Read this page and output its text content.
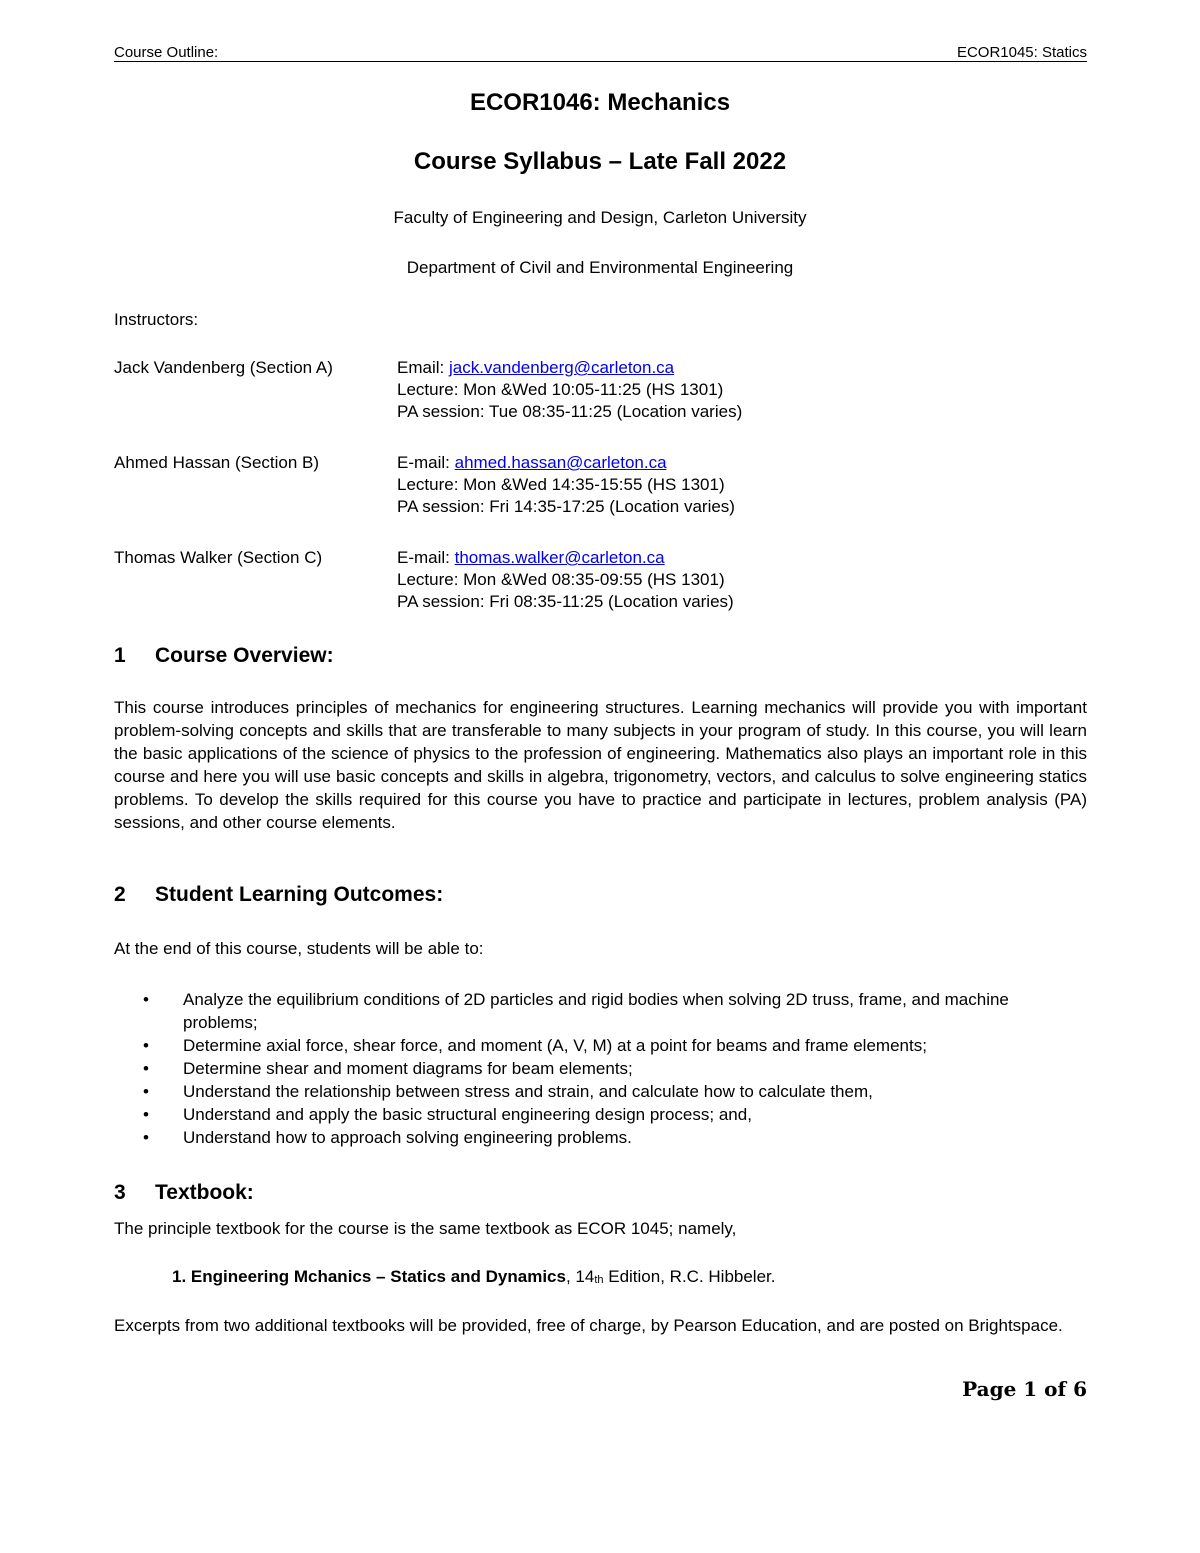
Course Outline:	ECOR1045: Statics
ECOR1046: Mechanics
Course Syllabus – Late Fall 2022
Faculty of Engineering and Design, Carleton University
Department of Civil and Environmental Engineering
Instructors:
Jack Vandenberg (Section A)	Email: jack.vandenberg@carleton.ca
Lecture: Mon &Wed 10:05-11:25 (HS 1301)
PA session: Tue 08:35-11:25 (Location varies)
Ahmed Hassan (Section B)	E-mail: ahmed.hassan@carleton.ca
Lecture: Mon &Wed 14:35-15:55 (HS 1301)
PA session: Fri 14:35-17:25 (Location varies)
Thomas Walker (Section C)	E-mail: thomas.walker@carleton.ca
Lecture: Mon &Wed 08:35-09:55 (HS 1301)
PA session: Fri 08:35-11:25 (Location varies)
1 Course Overview:
This course introduces principles of mechanics for engineering structures. Learning mechanics will provide you with important problem-solving concepts and skills that are transferable to many subjects in your program of study. In this course, you will learn the basic applications of the science of physics to the profession of engineering. Mathematics also plays an important role in this course and here you will use basic concepts and skills in algebra, trigonometry, vectors, and calculus to solve engineering statics problems. To develop the skills required for this course you have to practice and participate in lectures, problem analysis (PA) sessions, and other course elements.
2 Student Learning Outcomes:
At the end of this course, students will be able to:
• Analyze the equilibrium conditions of 2D particles and rigid bodies when solving 2D truss, frame, and machine problems;
• Determine axial force, shear force, and moment (A, V, M) at a point for beams and frame elements;
• Determine shear and moment diagrams for beam elements;
• Understand the relationship between stress and strain, and calculate how to calculate them,
• Understand and apply the basic structural engineering design process; and,
• Understand how to approach solving engineering problems.
3 Textbook:
The principle textbook for the course is the same textbook as ECOR 1045; namely,
1. Engineering Mchanics – Statics and Dynamics, $14_{th}$ Edition, R.C. Hibbeler.
Excerpts from two additional textbooks will be provided, free of charge, by Pearson Education, and are posted on Brightspace.
Page 1 of 6
